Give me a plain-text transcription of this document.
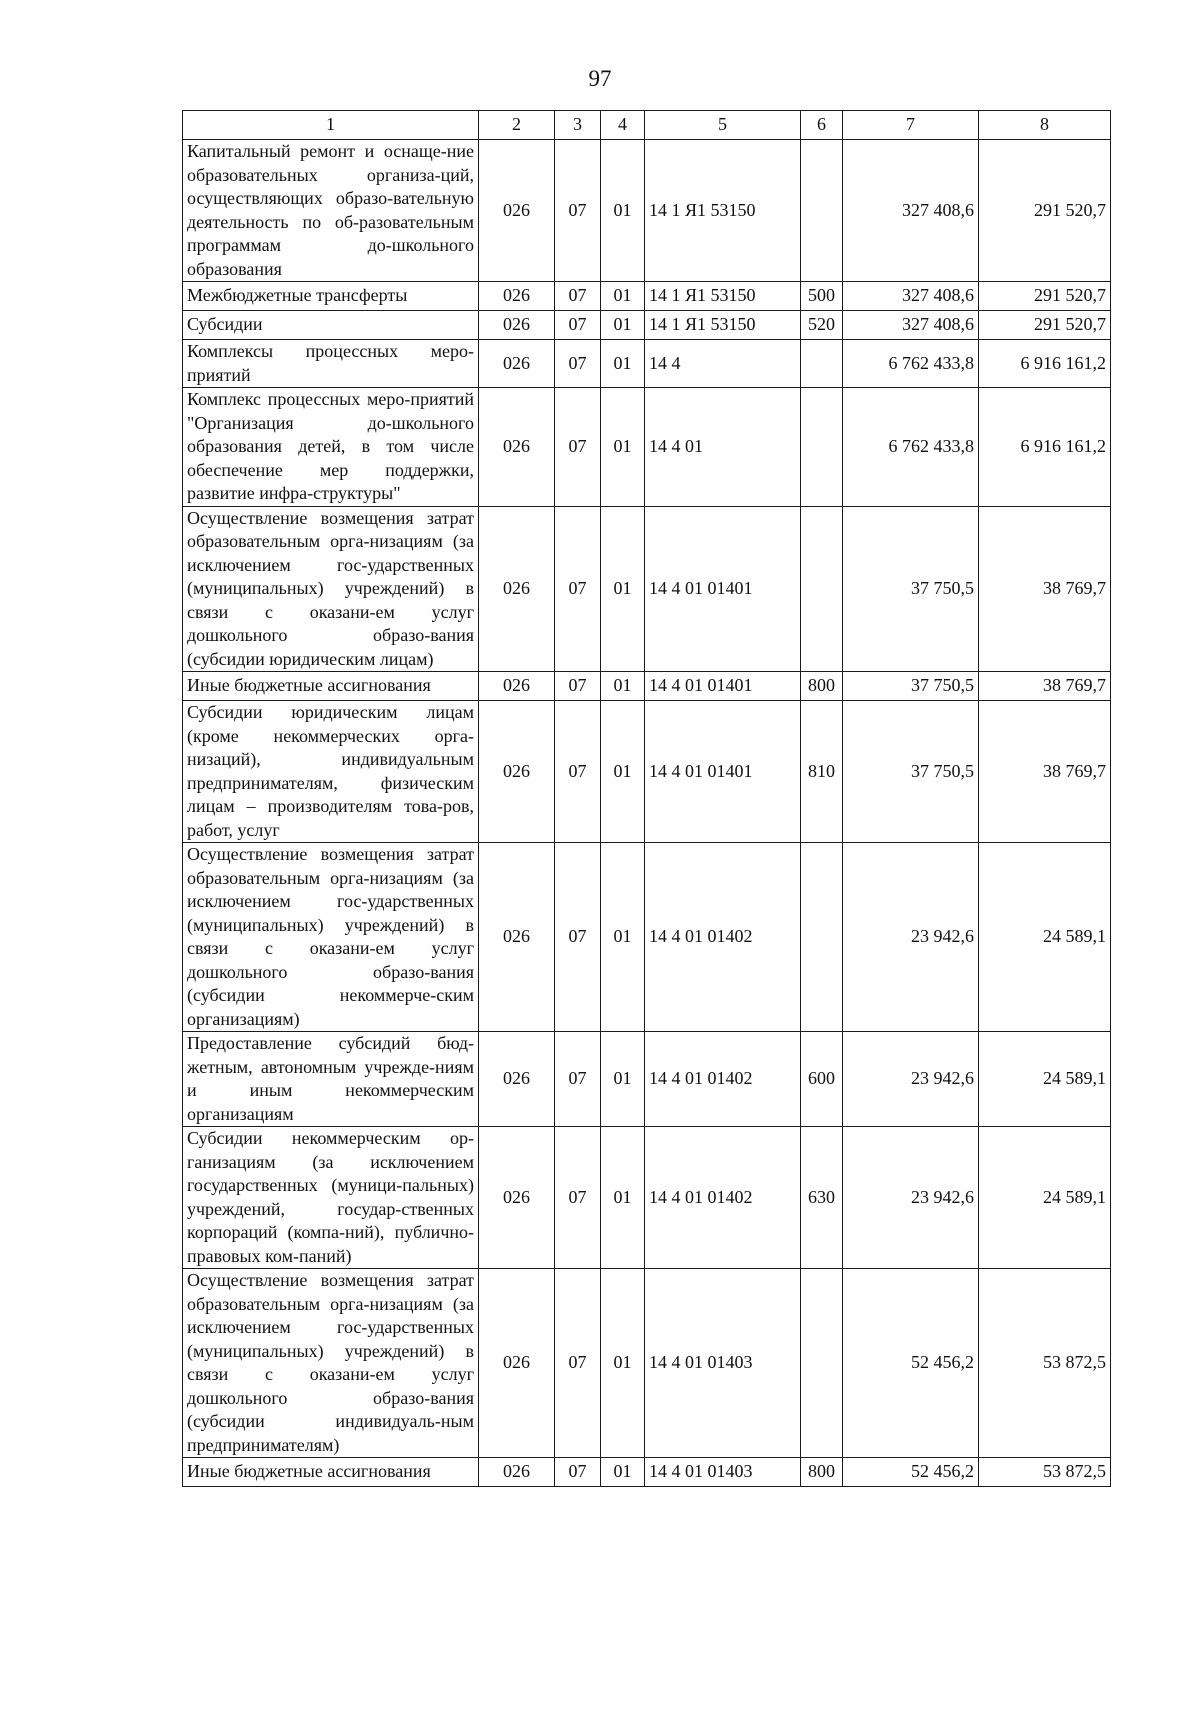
97
1	2	3	4	5	6	7	8
Капитальный ремонт и оснаще-ние образовательных организа-ций, осуществляющих образо-вательную деятельность по об-разовательным программам до-школьного образования	026	07	01	14 1 Я1 53150		327 408,6	291 520,7
Межбюджетные трансферты	026	07	01	14 1 Я1 53150	500	327 408,6	291 520,7
Субсидии	026	07	01	14 1 Я1 53150	520	327 408,6	291 520,7
Комплексы процессных меро-приятий	026	07	01	14 4		6 762 433,8	6 916 161,2
Комплекс процессных меро-приятий "Организация до-школьного образования детей, в том числе обеспечение мер поддержки, развитие инфра-структуры"	026	07	01	14 4 01		6 762 433,8	6 916 161,2
Осуществление возмещения затрат образовательным орга-низациям (за исключением гос-ударственных (муниципальных) учреждений) в связи с оказани-ем услуг дошкольного образо-вания (субсидии юридическим лицам)	026	07	01	14 4 01 01401		37 750,5	38 769,7
Иные бюджетные ассигнования	026	07	01	14 4 01 01401	800	37 750,5	38 769,7
Субсидии юридическим лицам (кроме некоммерческих орга-низаций), индивидуальным предпринимателям, физическим лицам – производителям това-ров, работ, услуг	026	07	01	14 4 01 01401	810	37 750,5	38 769,7
Осуществление возмещения затрат образовательным орга-низациям (за исключением гос-ударственных (муниципальных) учреждений) в связи с оказани-ем услуг дошкольного образо-вания (субсидии некоммерче-ским организациям)	026	07	01	14 4 01 01402		23 942,6	24 589,1
Предоставление субсидий бюд-жетным, автономным учрежде-ниям и иным некоммерческим организациям	026	07	01	14 4 01 01402	600	23 942,6	24 589,1
Субсидии некоммерческим ор-ганизациям (за исключением государственных (муници-пальных) учреждений, государ-ственных корпораций (компа-ний), публично-правовых ком-паний)	026	07	01	14 4 01 01402	630	23 942,6	24 589,1
Осуществление возмещения затрат образовательным орга-низациям (за исключением гос-ударственных (муниципальных) учреждений) в связи с оказани-ем услуг дошкольного образо-вания (субсидии индивидуаль-ным предпринимателям)	026	07	01	14 4 01 01403		52 456,2	53 872,5
Иные бюджетные ассигнования	026	07	01	14 4 01 01403	800	52 456,2	53 872,5
